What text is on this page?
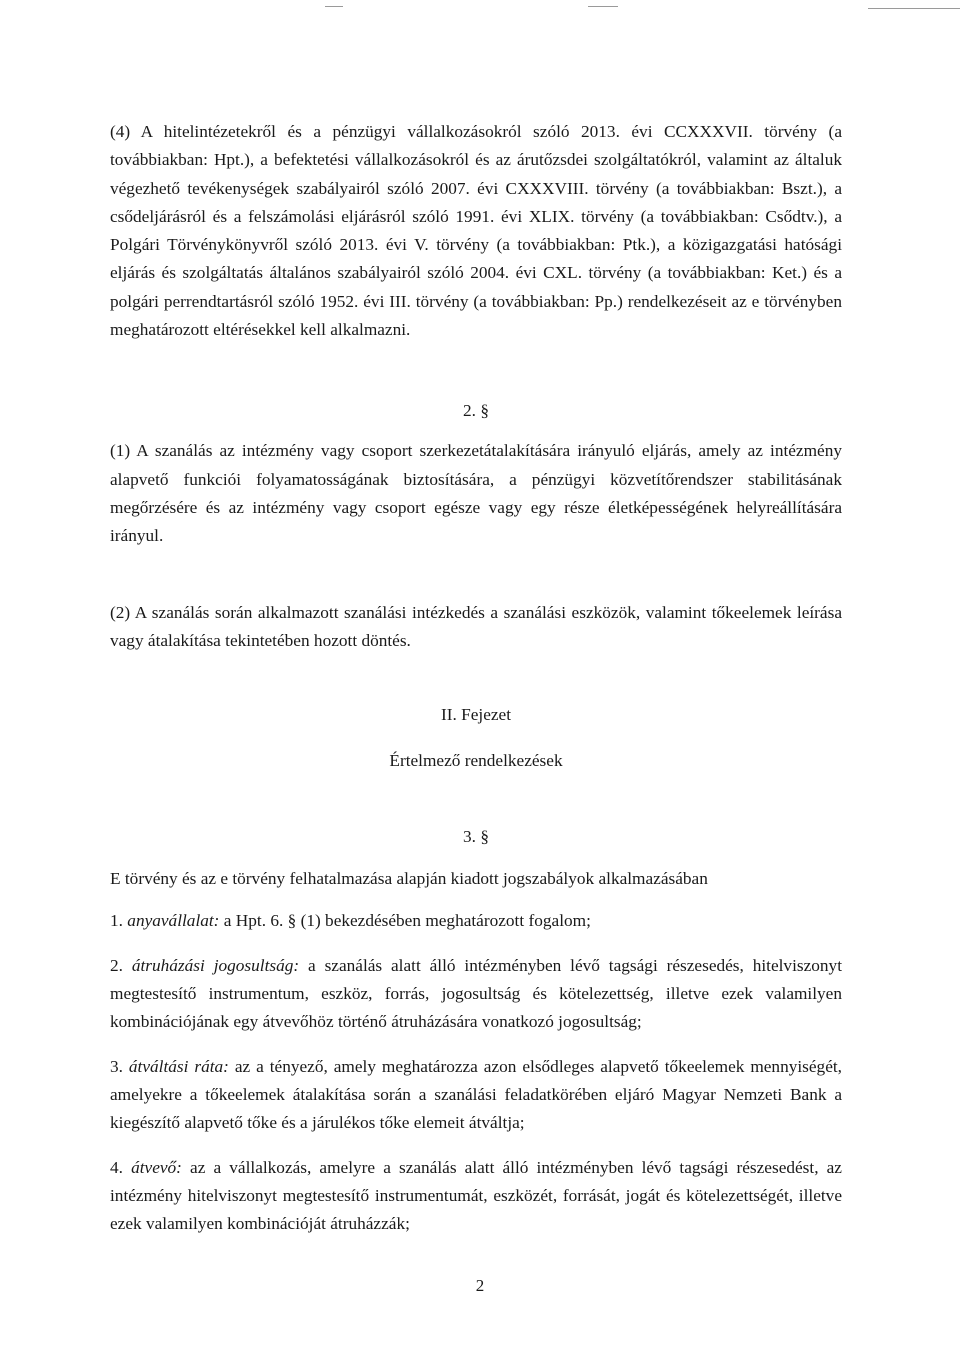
(4) A hitelintézetekről és a pénzügyi vállalkozásokról szóló 2013. évi CCXXXVII. törvény (a továbbiakban: Hpt.), a befektetési vállalkozásokról és az árutőzsdei szolgáltatókról, valamint az általuk végezhető tevékenységek szabályairól szóló 2007. évi CXXXVIII. törvény (a továbbiakban: Bszt.), a csődeljárásról és a felszámolási eljárásról szóló 1991. évi XLIX. törvény (a továbbiakban: Csődtv.), a Polgári Törvénykönyvről szóló 2013. évi V. törvény (a továbbiakban: Ptk.), a közigazgatási hatósági eljárás és szolgáltatás általános szabályairól szóló 2004. évi CXL. törvény (a továbbiakban: Ket.) és a polgári perrendtartásról szóló 1952. évi III. törvény (a továbbiakban: Pp.) rendelkezéseit az e törvényben meghatározott eltérésekkel kell alkalmazni.

2. §

(1) A szanálás az intézmény vagy csoport szerkezetátalakítására irányuló eljárás, amely az intézmény alapvető funkciói folyamatosságának biztosítására, a pénzügyi közvetítőrendszer stabilitásának megőrzésére és az intézmény vagy csoport egésze vagy egy része életképességének helyreállítására irányul.

(2) A szanálás során alkalmazott szanálási intézkedés a szanálási eszközök, valamint tőkeelemek leírása vagy átalakítása tekintetében hozott döntés.

II. Fejezet

Értelmező rendelkezések

3. §

E törvény és az e törvény felhatalmazása alapján kiadott jogszabályok alkalmazásában

1. anyavállalat: a Hpt. 6. § (1) bekezdésében meghatározott fogalom;

2. átruházási jogosultság: a szanálás alatt álló intézményben lévő tagsági részesedés, hitelviszonyt megtestesítő instrumentum, eszköz, forrás, jogosultság és kötelezettség, illetve ezek valamilyen kombinációjának egy átvevőhöz történő átruházására vonatkozó jogosultság;

3. átváltási ráta: az a tényező, amely meghatározza azon elsődleges alapvető tőkeelemek mennyiségét, amelyekre a tőkeelemek átalakítása során a szanálási feladatkörében eljáró Magyar Nemzeti Bank a kiegészítő alapvető tőke és a járulékos tőke elemeit átváltja;

4. átvevő: az a vállalkozás, amelyre a szanálás alatt álló intézményben lévő tagsági részesedést, az intézmény hitelviszonyt megtestesítő instrumentumát, eszközét, forrását, jogát és kötelezettségét, illetve ezek valamilyen kombinációját átruházzák;

2
